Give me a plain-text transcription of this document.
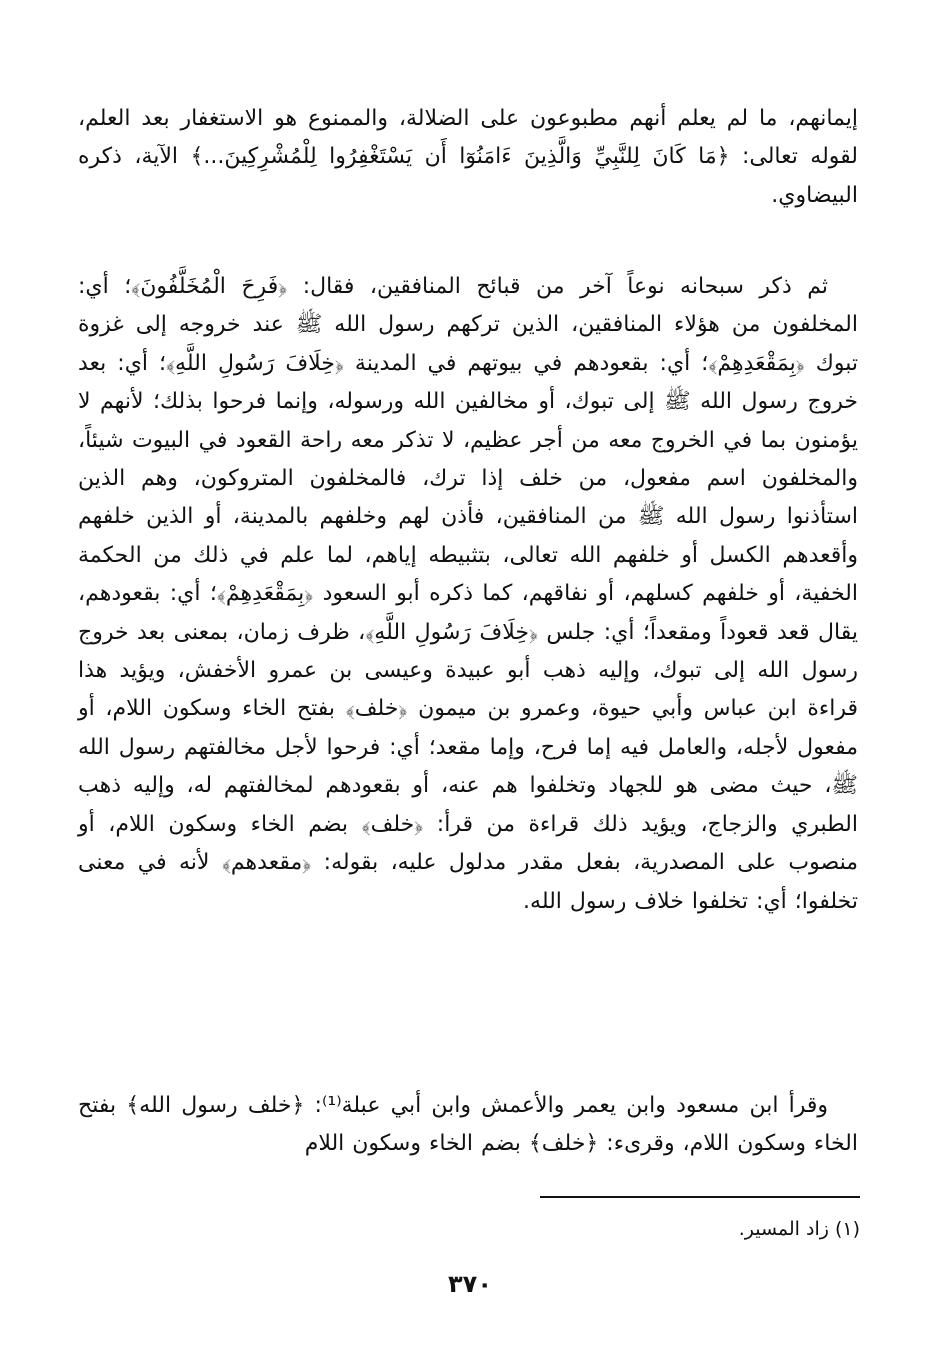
إيمانهم، ما لم يعلم أنهم مطبوعون على الضلالة، والممنوع هو الاستغفار بعد العلم، لقوله تعالى: ﴿مَا كَانَ لِلنَّبِيِّ وَالَّذِينَ ءَامَنُوٓا أَن يَسْتَغْفِرُوا لِلْمُشْرِكِينَ...﴾ الآية، ذكره البيضاوي.

ثم ذكر سبحانه نوعاً آخر من قبائح المنافقين، فقال: ﴿فَرِحَ الْمُخَلَّفُونَ﴾؛ أي: المخلفون من هؤلاء المنافقين، الذين تركهم رسول الله ﷺ عند خروجه إلى غزوة تبوك ﴿بِمَقْعَدِهِمْ﴾؛ أي: بقعودهم في بيوتهم في المدينة ﴿خِلَافَ رَسُولِ اللَّهِ﴾؛ أي: بعد خروج رسول الله ﷺ إلى تبوك، أو مخالفين الله ورسوله، وإنما فرحوا بذلك؛ لأنهم لا يؤمنون بما في الخروج معه من أجر عظيم، لا تذكر معه راحة القعود في البيوت شيئاً، والمخلفون اسم مفعول، من خلف إذا ترك، فالمخلفون المتروكون، وهم الذين استأذنوا رسول الله ﷺ من المنافقين، فأذن لهم وخلفهم بالمدينة، أو الذين خلفهم وأقعدهم الكسل أو خلفهم الله تعالى، بتثبيطه إياهم، لما علم في ذلك من الحكمة الخفية، أو خلفهم كسلهم، أو نفاقهم، كما ذكره أبو السعود ﴿بِمَقْعَدِهِمْ﴾؛ أي: بقعودهم، يقال قعد قعوداً ومقعداً؛ أي: جلس ﴿خِلَافَ رَسُولِ اللَّهِ﴾، ظرف زمان، بمعنى بعد خروج رسول الله إلى تبوك، وإليه ذهب أبو عبيدة وعيسى بن عمرو الأخفش، ويؤيد هذا قراءة ابن عباس وأبي حيوة، وعمرو بن ميمون ﴿خلف﴾ بفتح الخاء وسكون اللام، أو مفعول لأجله، والعامل فيه إما فرح، وإما مقعد؛ أي: فرحوا لأجل مخالفتهم رسول الله ﷺ، حيث مضى هو للجهاد وتخلفوا هم عنه، أو بقعودهم لمخالفتهم له، وإليه ذهب الطبري والزجاج، ويؤيد ذلك قراءة من قرأ: ﴿خلف﴾ بضم الخاء وسكون اللام، أو منصوب على المصدرية، بفعل مقدر مدلول عليه، بقوله: ﴿مقعدهم﴾ لأنه في معنى تخلفوا؛ أي: تخلفوا خلاف رسول الله.

وقرأ ابن مسعود وابن يعمر والأعمش وابن أبي عبلة⁽¹⁾: ﴿خلف رسول الله﴾ بفتح الخاء وسكون اللام، وقرىء: ﴿خلف﴾ بضم الخاء وسكون اللام

(١) زاد المسير.

٣٧٠
